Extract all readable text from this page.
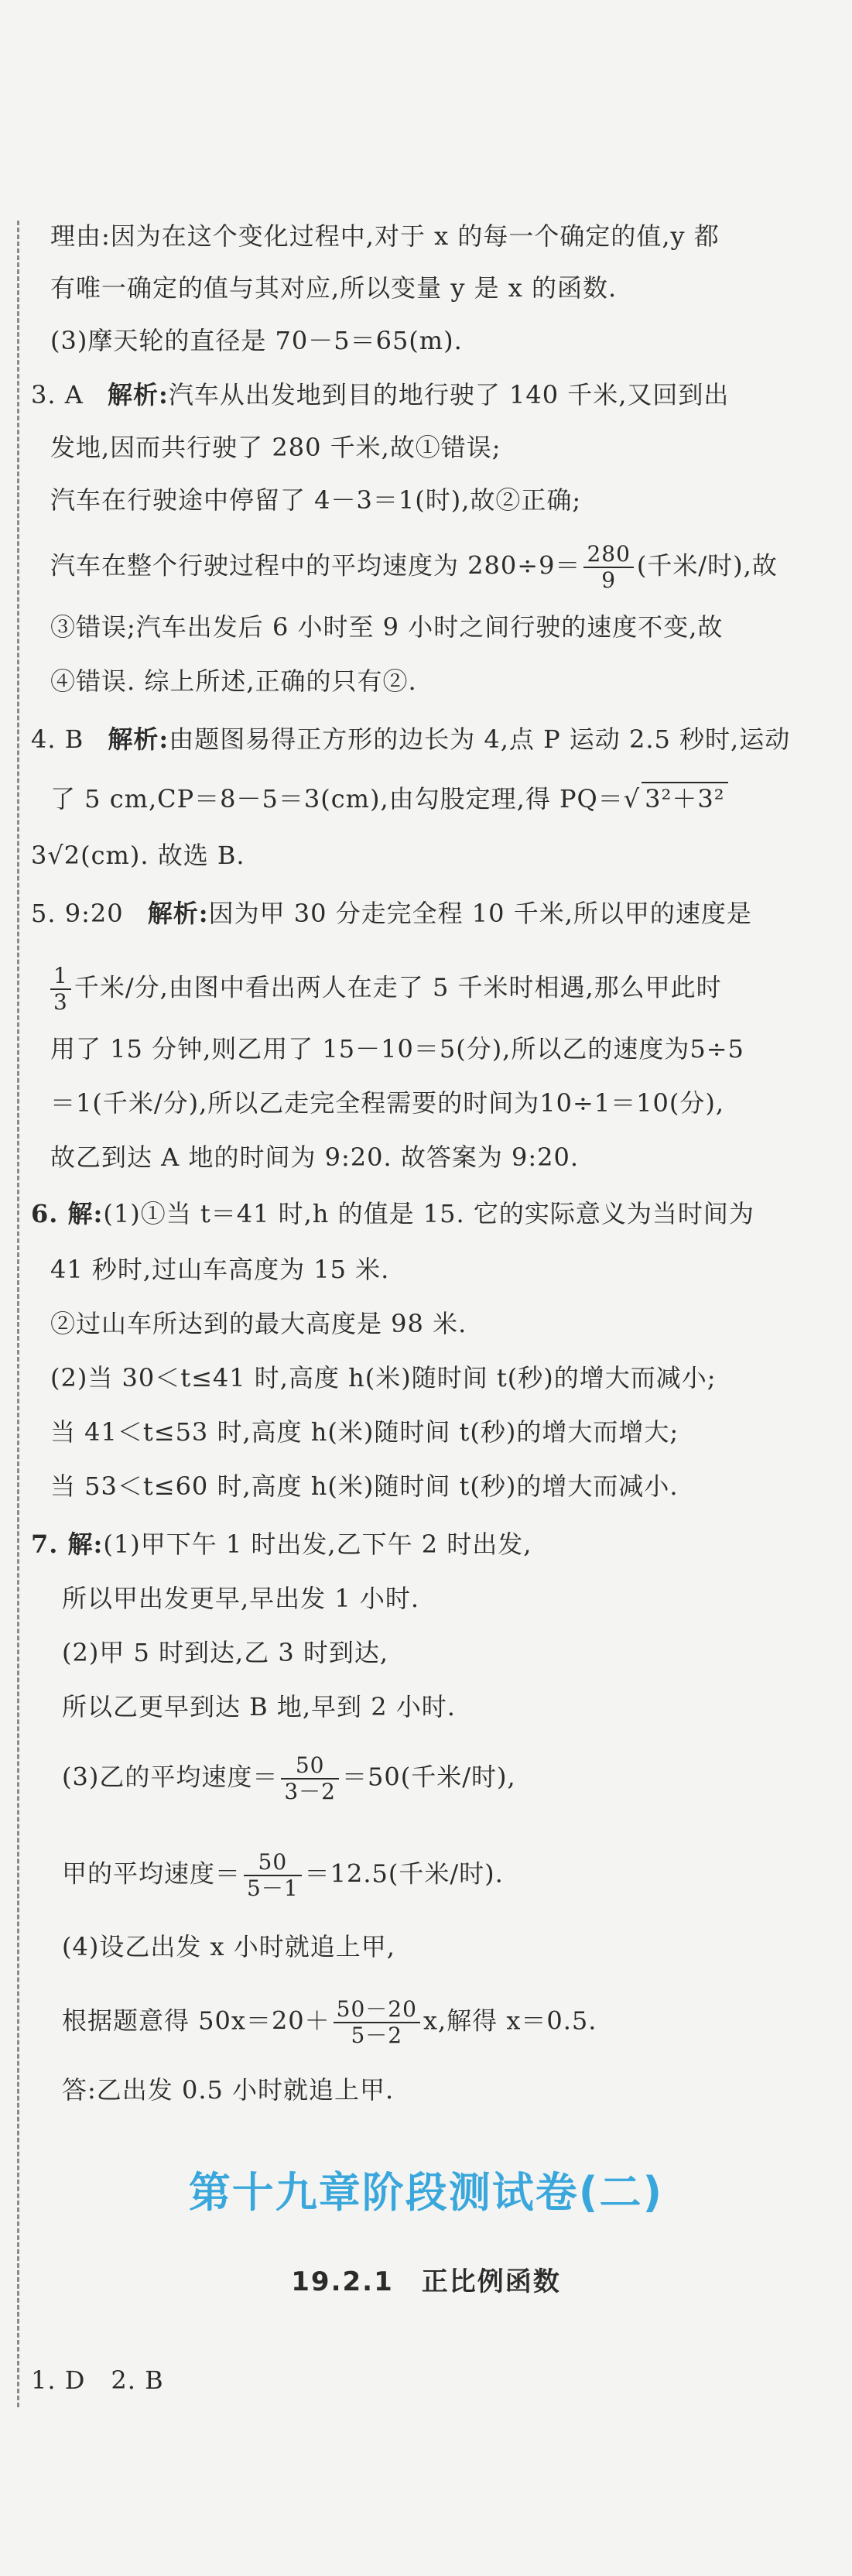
理由:因为在这个变化过程中,对于 x 的每一个确定的值,y 都
有唯一确定的值与其对应,所以变量 y 是 x 的函数.
(3)摩天轮的直径是 70－5＝65(m).
3. A 解析:汽车从出发地到目的地行驶了 140 千米,又回到出
发地,因而共行驶了 280 千米,故①错误;
汽车在行驶途中停留了 4－3＝1(时),故②正确;
汽车在整个行驶过程中的平均速度为 $280\div 9= \frac{280}{9}$ (千米/时),故
③错误;汽车出发后 6 小时至 9 小时之间行驶的速度不变,故
④错误. 综上所述,正确的只有②.
4. B 解析:由题图易得正方形的边长为 4,点 P 运动 2.5 秒时,运动
了 5 cm,CP＝8－5＝3(cm),由勾股定理,得 PQ＝√ 3²＋3²
3√2(cm). 故选 B.
5. 9:20 解析:因为甲 30 分走完全程 10 千米,所以甲的速度是
$\frac{1}{3}$ 千米/分,由图中看出两人在走了 5 千米时相遇,那么甲此时
用了 15 分钟,则乙用了 15－10＝5(分),所以乙的速度为5÷5
＝1(千米/分),所以乙走完全程需要的时间为10÷1＝10(分),
故乙到达 A 地的时间为 9:20. 故答案为 9:20.
6. 解:(1)①当 t＝41 时,h 的值是 15. 它的实际意义为当时间为
41 秒时,过山车高度为 15 米.
②过山车所达到的最大高度是 98 米.
(2)当 30＜t≤41 时,高度 h(米)随时间 t(秒)的增大而减小;
当 41＜t≤53 时,高度 h(米)随时间 t(秒)的增大而增大;
当 53＜t≤60 时,高度 h(米)随时间 t(秒)的增大而减小.
7. 解:(1)甲下午 1 时出发,乙下午 2 时出发,
所以甲出发更早,早出发 1 小时.
(2)甲 5 时到达,乙 3 时到达,
所以乙更早到达 B 地,早到 2 小时.
(3)乙的平均速度＝ $\frac{50}{3-2} =50$(千米/时),
甲的平均速度＝ $\frac{50}{5-1} =12.5$(千米/时).
(4)设乙出发 x 小时就追上甲,
根据题意得 $50x=20+ \frac{50-20}{5-2} x$,解得 x＝0.5.
答:乙出发 0.5 小时就追上甲.
第十九章阶段测试卷(二)
19.2.1　正比例函数
1. D　2. B
